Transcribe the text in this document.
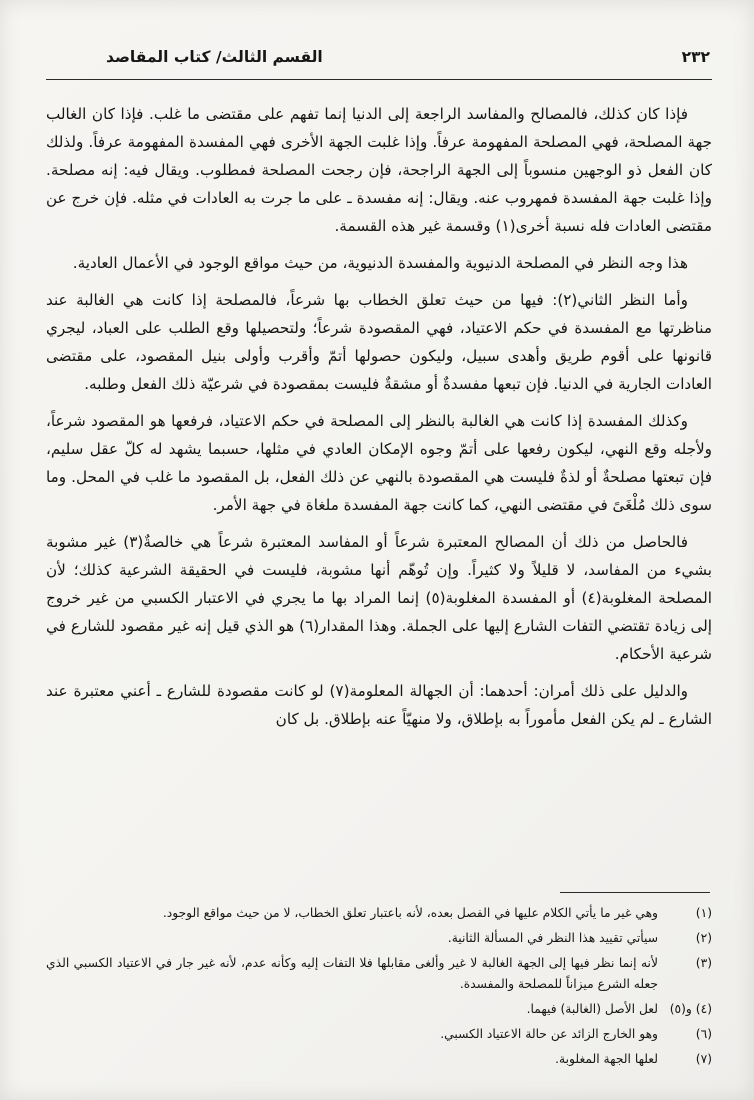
٢٣٢
القسم الثالث/ كتاب المقاصد

فإذا كان كذلك، فالمصالح والمفاسد الراجعة إلى الدنيا إنما تفهم على مقتضى ما غلب. فإذا كان الغالب جهة المصلحة، فهي المصلحة المفهومة عرفاً. وإذا غلبت الجهة الأخرى فهي المفسدة المفهومة عرفاً. ولذلك كان الفعل ذو الوجهين منسوباً إلى الجهة الراجحة، فإن رجحت المصلحة فمطلوب. ويقال فيه: إنه مصلحة. وإذا غلبت جهة المفسدة فمهروب عنه. ويقال: إنه مفسدة ـ على ما جرت به العادات في مثله. فإن خرج عن مقتضى العادات فله نسبة أخرى(١) وقسمة غير هذه القسمة.

هذا وجه النظر في المصلحة الدنيوية والمفسدة الدنيوية، من حيث مواقع الوجود في الأعمال العادية.

وأما النظر الثاني(٢): فيها من حيث تعلق الخطاب بها شرعاً، فالمصلحة إذا كانت هي الغالبة عند مناظرتها مع المفسدة في حكم الاعتياد، فهي المقصودة شرعاً؛ ولتحصيلها وقع الطلب على العباد، ليجري قانونها على أقوم طريق وأهدى سبيل، وليكون حصولها أتمّ وأقرب وأولى بنيل المقصود، على مقتضى العادات الجارية في الدنيا. فإن تبعها مفسدةٌ أو مشقةٌ فليست بمقصودة في شرعيّة ذلك الفعل وطلبه.

وكذلك المفسدة إذا كانت هي الغالبة بالنظر إلى المصلحة في حكم الاعتياد، فرفعها هو المقصود شرعاً، ولأجله وقع النهي، ليكون رفعها على أتمّ وجوه الإمكان العادي في مثلها، حسبما يشهد له كلّ عقل سليم، فإن تبعتها مصلحةٌ أو لذةٌ فليست هي المقصودة بالنهي عن ذلك الفعل، بل المقصود ما غلب في المحل. وما سوى ذلك مُلْغَىً في مقتضى النهي، كما كانت جهة المفسدة ملغاة في جهة الأمر.

فالحاصل من ذلك أن المصالح المعتبرة شرعاً أو المفاسد المعتبرة شرعاً هي خالصةٌ(٣) غير مشوبة بشيء من المفاسد، لا قليلاً ولا كثيراً. وإن تُوهّم أنها مشوبة، فليست في الحقيقة الشرعية كذلك؛ لأن المصلحة المغلوبة(٤) أو المفسدة المغلوبة(٥) إنما المراد بها ما يجري في الاعتبار الكسبي من غير خروج إلى زيادة تقتضي التفات الشارع إليها على الجملة. وهذا المقدار(٦) هو الذي قيل إنه غير مقصود للشارع في شرعية الأحكام.

والدليل على ذلك أمران: أحدهما: أن الجهالة المعلومة(٧) لو كانت مقصودة للشارع ـ أعني معتبرة عند الشارع ـ لم يكن الفعل مأموراً به بإطلاق، ولا منهيّاً عنه بإطلاق. بل كان

(١)
وهي غير ما يأتي الكلام عليها في الفصل بعده، لأنه باعتبار تعلق الخطاب، لا من حيث مواقع الوجود.
(٢)
سيأتي تقييد هذا النظر في المسألة الثانية.
(٣)
لأنه إنما نظر فيها إلى الجهة الغالبة لا غير وألغى مقابلها فلا التفات إليه وكأنه عدم، لأنه غير جار في الاعتياد الكسبي الذي جعله الشرع ميزاناً للمصلحة والمفسدة.
(٤) و(٥)
لعل الأصل (الغالبة) فيهما.
(٦)
وهو الخارج الزائد عن حالة الاعتياد الكسبي.
(٧)
لعلها الجهة المغلوبة.
